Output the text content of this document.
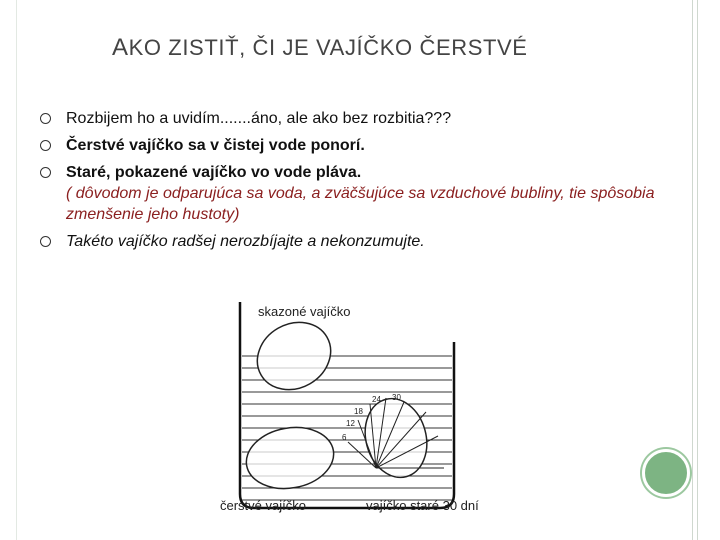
AKO ZISTIŤ, ČI JE VAJÍČKO ČERSTVÉ
Rozbijem ho a uvidím.......áno, ale ako bez rozbitia???
Čerstvé vajíčko sa v čistej vode ponorí.
Staré, pokazené vajíčko vo vode pláva.
( dôvodom je odparujúca sa voda, a zväčšujúce sa vzduchové bubliny, tie spôsobia zmenšenie jeho hustoty)
Takéto vajíčko radšej nerozbíjajte a nekonzumujte.
skazoné vajíčko
čerstvé vajíčko	vajíčko staré 30 dní
24 30
18
12
6
